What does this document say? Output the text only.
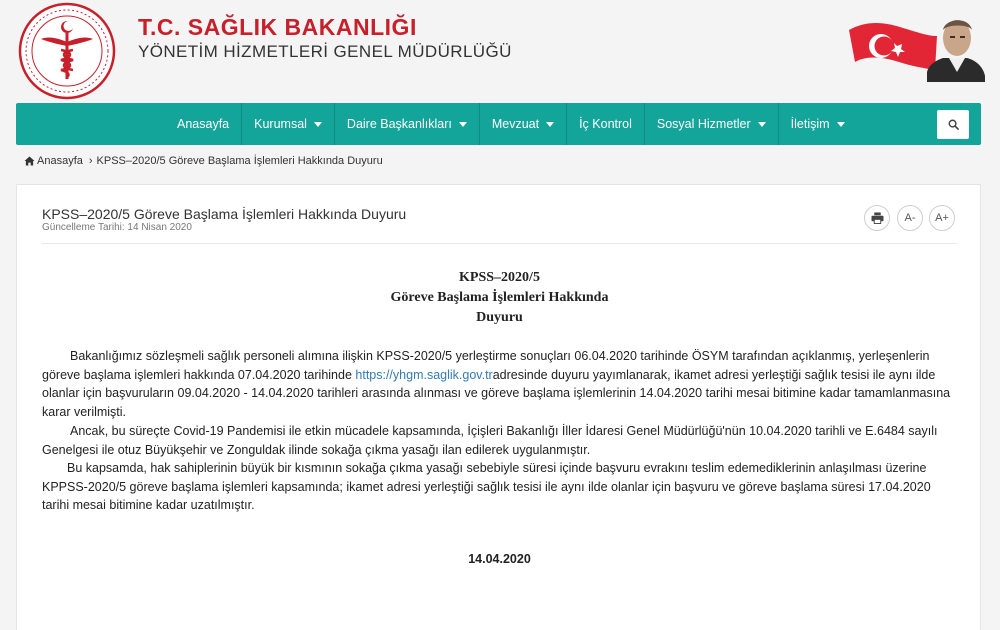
T.C. SAĞLIK BAKANLIĞI
YÖNETİM HİZMETLERİ GENEL MÜDÜRLÜĞÜ
Anasayfa Kurumsal	Daire Başkanlıkları	Mevzuat	İç Kontrol Sosyal Hizmetler	İletişim
Anasayfa › KPSS–2020/5 Göreve Başlama İşlemleri Hakkında Duyuru
KPSS–2020/5 Göreve Başlama İşlemleri Hakkında Duyuru
Güncelleme Tarihi: 14 Nisan 2020
A-	A+
KPSS–2020/5
Göreve Başlama İşlemleri Hakkında
Duyuru
Bakanlığımız sözleşmeli sağlık personeli alımına ilişkin KPSS-2020/5 yerleştirme sonuçları 06.04.2020 tarihinde ÖSYM tarafından açıklanmış, yerleşenlerin göreve başlama işlemleri hakkında 07.04.2020 tarihinde https://yhgm.saglik.gov.tradresinde duyuru yayımlanarak, ikamet adresi yerleştiği sağlık tesisi ile aynı ilde olanlar için başvuruların 09.04.2020 - 14.04.2020 tarihleri arasında alınması ve göreve başlama işlemlerinin 14.04.2020 tarihi mesai bitimine kadar tamamlanmasına karar verilmişti.
Ancak, bu süreçte Covid-19 Pandemisi ile etkin mücadele kapsamında, İçişleri Bakanlığı İller İdaresi Genel Müdürlüğü'nün 10.04.2020 tarihli ve E.6484 sayılı Genelgesi ile otuz Büyükşehir ve Zonguldak ilinde sokağa çıkma yasağı ilan edilerek uygulanmıştır.
Bu kapsamda, hak sahiplerinin büyük bir kısmının sokağa çıkma yasağı sebebiyle süresi içinde başvuru evrakını teslim edemediklerinin anlaşılması üzerine KPPSS-2020/5 göreve başlama işlemleri kapsamında; ikamet adresi yerleştiği sağlık tesisi ile aynı ilde olanlar için başvuru ve göreve başlama süresi 17.04.2020 tarihi mesai bitimine kadar uzatılmıştır.
14.04.2020
